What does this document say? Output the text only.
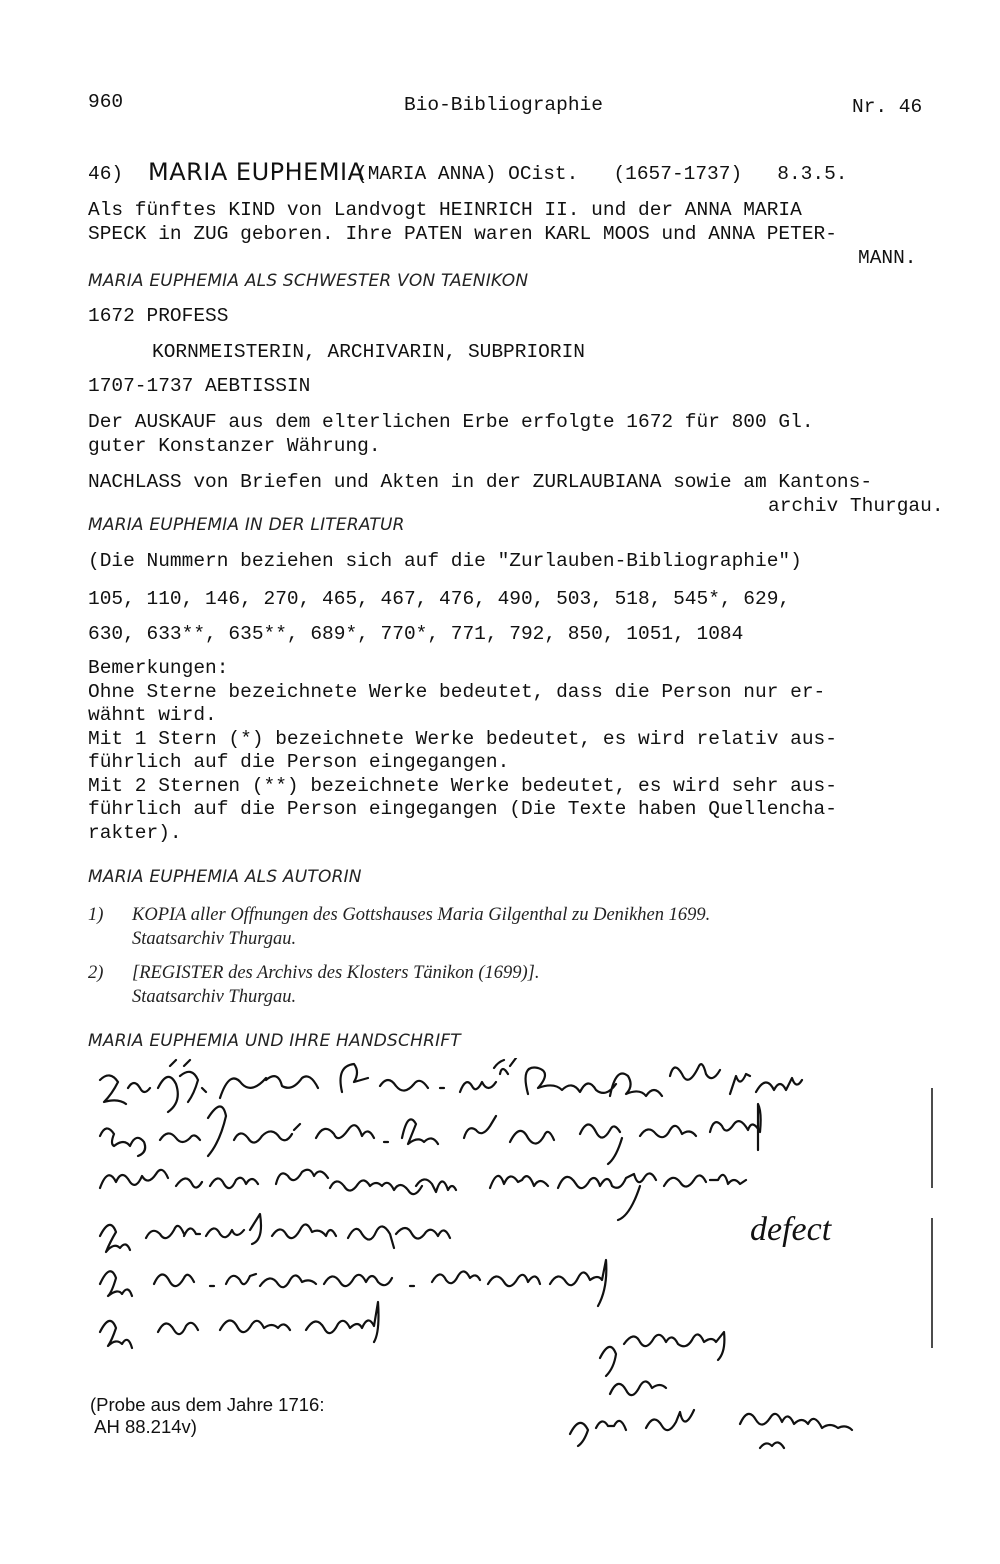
960	Bio-Bibliographie	Nr. 46
46) MARIA EUPHEMIA
(MARIA ANNA) OCist.   (1657-1737)   8.3.5.
Als fünftes KIND von Landvogt HEINRICH II. und der ANNA MARIA
SPECK in ZUG geboren. Ihre PATEN waren KARL MOOS und ANNA PETER-
MANN.
MARIA EUPHEMIA ALS SCHWESTER VON TAENIKON
1672 PROFESS
KORNMEISTERIN, ARCHIVARIN, SUBPRIORIN
1707-1737 AEBTISSIN
Der AUSKAUF aus dem elterlichen Erbe erfolgte 1672 für 800 Gl.
guter Konstanzer Währung.
NACHLASS von Briefen und Akten in der ZURLAUBIANA sowie am Kantons-
archiv Thurgau.
MARIA EUPHEMIA IN DER LITERATUR
(Die Nummern beziehen sich auf die "Zurlauben-Bibliographie")
105, 110, 146, 270, 465, 467, 476, 490, 503, 518, 545*, 629,
630, 633**, 635**, 689*, 770*, 771, 792, 850, 1051, 1084
Bemerkungen:
Ohne Sterne bezeichnete Werke bedeutet, dass die Person nur er-
wähnt wird.
Mit 1 Stern (*) bezeichnete Werke bedeutet, es wird relativ aus-
führlich auf die Person eingegangen.
Mit 2 Sternen (**) bezeichnete Werke bedeutet, es wird sehr aus-
führlich auf die Person eingegangen (Die Texte haben Quellencha-
rakter).
MARIA EUPHEMIA ALS AUTORIN
1) KOPIA aller Offnungen des Gottshauses Maria Gilgenthal zu Denikhen 1699.
Staatsarchiv Thurgau.
2) [REGISTER des Archivs des Klosters Tänikon (1699)].
Staatsarchiv Thurgau.
MARIA EUPHEMIA UND IHRE HANDSCHRIFT
defect
(Probe aus dem Jahre 1716:
AH 88.214v)
